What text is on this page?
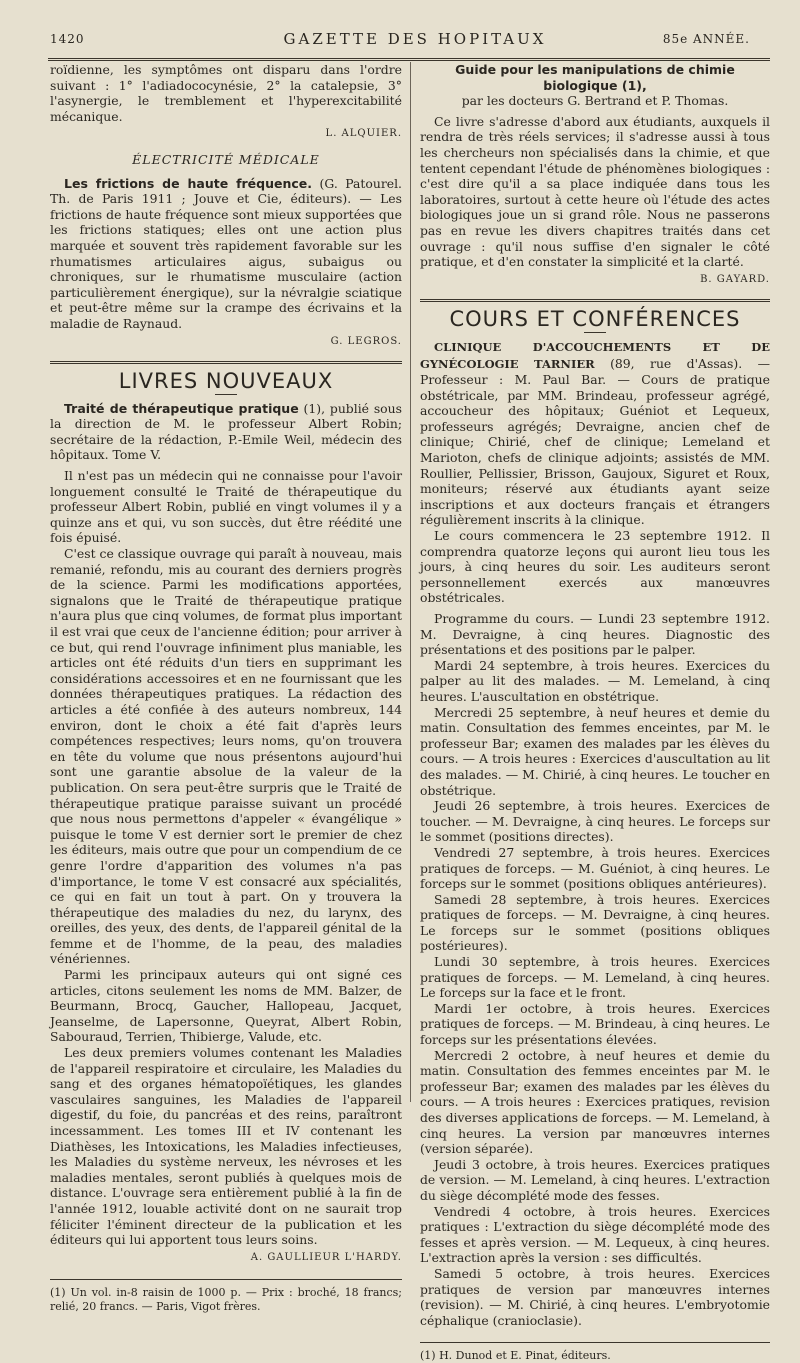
1420	GAZETTE DES HOPITAUX	85e ANNÉE.

roïdienne, les symptômes ont disparu dans l'ordre suivant : 1° l'adiadococynésie, 2° la catalepsie, 3° l'asynergie, le tremblement et l'hyperexcitabilité mécanique.

L. ALQUIER.
ÉLECTRICITÉ MÉDICALE

Les frictions de haute fréquence. (G. Patourel. Th. de Paris 1911 ; Jouve et Cie, éditeurs). — Les frictions de haute fréquence sont mieux supportées que les frictions statiques; elles ont une action plus marquée et souvent très rapidement favorable sur les rhumatismes articulaires aigus, subaigus ou chroniques, sur le rhumatisme musculaire (action particulièrement énergique), sur la névralgie sciatique et peut-être même sur la crampe des écrivains et la maladie de Raynaud.

G. LEGROS.
LIVRES NOUVEAUX

Traité de thérapeutique pratique (1), publié sous la direction de M. le professeur Albert Robin; secrétaire de la rédaction, P.-Emile Weil, médecin des hôpitaux. Tome V.

Il n'est pas un médecin qui ne connaisse pour l'avoir longuement consulté le Traité de thérapeutique du professeur Albert Robin, publié en vingt volumes il y a quinze ans et qui, vu son succès, dut être réédité une fois épuisé.

C'est ce classique ouvrage qui paraît à nouveau, mais remanié, refondu, mis au courant des derniers progrès de la science. Parmi les modifications apportées, signalons que le Traité de thérapeutique pratique n'aura plus que cinq volumes, de format plus important il est vrai que ceux de l'ancienne édition; pour arriver à ce but, qui rend l'ouvrage infiniment plus maniable, les articles ont été réduits d'un tiers en supprimant les considérations accessoires et en ne fournissant que les données thérapeutiques pratiques. La rédaction des articles a été confiée à des auteurs nombreux, 144 environ, dont le choix a été fait d'après leurs compétences respectives; leurs noms, qu'on trouvera en tête du volume que nous présentons aujourd'hui sont une garantie absolue de la valeur de la publication. On sera peut-être surpris que le Traité de thérapeutique pratique paraisse suivant un procédé que nous nous permettons d'appeler « évangélique » puisque le tome V est dernier sort le premier de chez les éditeurs, mais outre que pour un compendium de ce genre l'ordre d'apparition des volumes n'a pas d'importance, le tome V est consacré aux spécialités, ce qui en fait un tout à part. On y trouvera la thérapeutique des maladies du nez, du larynx, des oreilles, des yeux, des dents, de l'appareil génital de la femme et de l'homme, de la peau, des maladies vénériennes.

Parmi les principaux auteurs qui ont signé ces articles, citons seulement les noms de MM. Balzer, de Beurmann, Brocq, Gaucher, Hallopeau, Jacquet, Jeanselme, de Lapersonne, Queyrat, Albert Robin, Sabouraud, Terrien, Thibierge, Valude, etc.

Les deux premiers volumes contenant les Maladies de l'appareil respiratoire et circulaire, les Maladies du sang et des organes hématopoïétiques, les glandes vasculaires sanguines, les Maladies de l'appareil digestif, du foie, du pancréas et des reins, paraîtront incessamment. Les tomes III et IV contenant les Diathèses, les Intoxications, les Maladies infectieuses, les Maladies du système nerveux, les névroses et les maladies mentales, seront publiés à quelques mois de distance. L'ouvrage sera entièrement publié à la fin de l'année 1912, louable activité dont on ne saurait trop féliciter l'éminent directeur de la publication et les éditeurs qui lui apportent tous leurs soins.

A. GAULLIEUR L'HARDY.

(1) Un vol. in-8 raisin de 1000 p. — Prix : broché, 18 francs; relié, 20 francs. — Paris, Vigot frères.

Guide pour les manipulations de chimie biologique (1),
par les docteurs G. Bertrand et P. Thomas.

Ce livre s'adresse d'abord aux étudiants, auxquels il rendra de très réels services; il s'adresse aussi à tous les chercheurs non spécialisés dans la chimie, et que tentent cependant l'étude de phénomènes biologiques : c'est dire qu'il a sa place indiquée dans tous les laboratoires, surtout à cette heure où l'étude des actes biologiques joue un si grand rôle. Nous ne passerons pas en revue les divers chapitres traités dans cet ouvrage : qu'il nous suffise d'en signaler le côté pratique, et d'en constater la simplicité et la clarté.

B. GAYARD.
COURS ET CONFÉRENCES

CLINIQUE D'ACCOUCHEMENTS ET DE GYNÉCOLOGIE TARNIER (89, rue d'Assas). — Professeur : M. Paul Bar. — Cours de pratique obstétricale, par MM. Brindeau, professeur agrégé, accoucheur des hôpitaux; Guéniot et Lequeux, professeurs agrégés; Devraigne, ancien chef de clinique; Chirié, chef de clinique; Lemeland et Marioton, chefs de clinique adjoints; assistés de MM. Roullier, Pellissier, Brisson, Gaujoux, Siguret et Roux, moniteurs; réservé aux étudiants ayant seize inscriptions et aux docteurs français et étrangers régulièrement inscrits à la clinique.

Le cours commencera le 23 septembre 1912. Il comprendra quatorze leçons qui auront lieu tous les jours, à cinq heures du soir. Les auditeurs seront personnellement exercés aux manœuvres obstétricales.

Programme du cours. — Lundi 23 septembre 1912. M. Devraigne, à cinq heures. Diagnostic des présentations et des positions par le palper.

Mardi 24 septembre, à trois heures. Exercices du palper au lit des malades. — M. Lemeland, à cinq heures. L'auscultation en obstétrique.

Mercredi 25 septembre, à neuf heures et demie du matin. Consultation des femmes enceintes, par M. le professeur Bar; examen des malades par les élèves du cours. — A trois heures : Exercices d'auscultation au lit des malades. — M. Chirié, à cinq heures. Le toucher en obstétrique.

Jeudi 26 septembre, à trois heures. Exercices de toucher. — M. Devraigne, à cinq heures. Le forceps sur le sommet (positions directes).

Vendredi 27 septembre, à trois heures. Exercices pratiques de forceps. — M. Guéniot, à cinq heures. Le forceps sur le sommet (positions obliques antérieures).

Samedi 28 septembre, à trois heures. Exercices pratiques de forceps. — M. Devraigne, à cinq heures. Le forceps sur le sommet (positions obliques postérieures).

Lundi 30 septembre, à trois heures. Exercices pratiques de forceps. — M. Lemeland, à cinq heures. Le forceps sur la face et le front.

Mardi 1er octobre, à trois heures. Exercices pratiques de forceps. — M. Brindeau, à cinq heures. Le forceps sur les présentations élevées.

Mercredi 2 octobre, à neuf heures et demie du matin. Consultation des femmes enceintes par M. le professeur Bar; examen des malades par les élèves du cours. — A trois heures : Exercices pratiques, revision des diverses applications de forceps. — M. Lemeland, à cinq heures. La version par manœuvres internes (version séparée).

Jeudi 3 octobre, à trois heures. Exercices pratiques de version. — M. Lemeland, à cinq heures. L'extraction du siège décomplété mode des fesses.

Vendredi 4 octobre, à trois heures. Exercices pratiques : L'extraction du siège décomplété mode des fesses et après version. — M. Lequeux, à cinq heures. L'extraction après la version : ses difficultés.

Samedi 5 octobre, à trois heures. Exercices pratiques de version par manœuvres internes (revision). — M. Chirié, à cinq heures. L'embryotomie céphalique (cranioclasie).

(1) H. Dunod et E. Pinat, éditeurs.
